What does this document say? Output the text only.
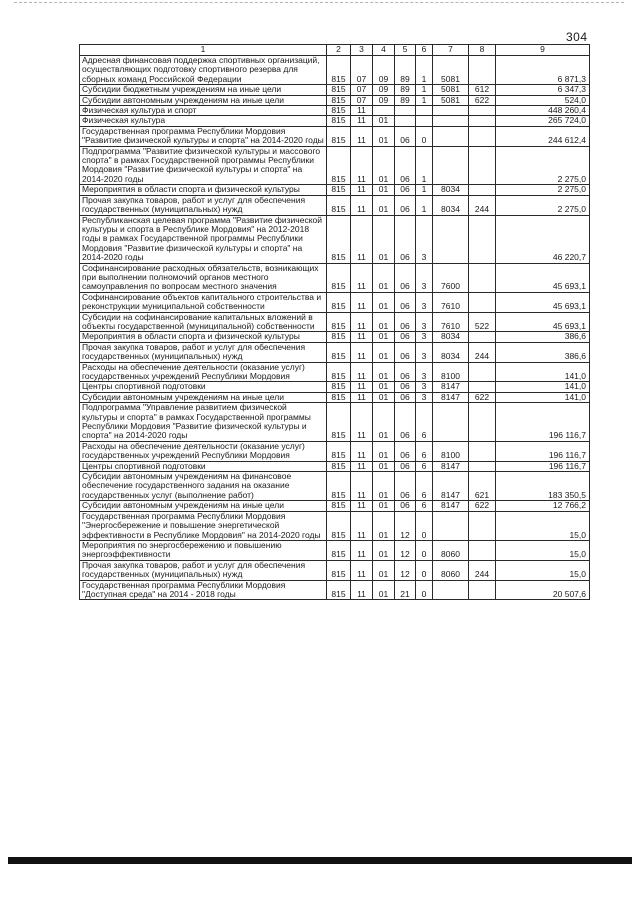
304
1	2	3	4	5	6	7	8	9
Адресная финансовая поддержка спортивных организаций, осуществляющих подготовку спортивного резерва для сборных команд Российской Федерации	815	07	09	89	1	5081		6 871,3
Субсидии бюджетным учреждениям на иные цели	815	07	09	89	1	5081	612	6 347,3
Субсидии автономным учреждениям на иные цели	815	07	09	89	1	5081	622	524,0
Физическая культура и спорт	815	11						448 260,4
Физическая культура	815	11	01					265 724,0
Государственная программа Республики Мордовия "Развитие физической культуры и спорта" на 2014-2020 годы	815	11	01	06	0			244 612,4
Подпрограмма "Развитие физической культуры и массового спорта" в рамках Государственной программы Республики Мордовия "Развитие физической культуры и спорта" на 2014-2020 годы	815	11	01	06	1			2 275,0
Мероприятия в области спорта и физической культуры	815	11	01	06	1	8034		2 275,0
Прочая закупка товаров, работ и услуг для обеспечения государственных (муниципальных) нужд	815	11	01	06	1	8034	244	2 275,0
Республиканская целевая программа "Развитие физической культуры и спорта в Республике Мордовия" на 2012-2018 годы в рамках Государственной программы Республики Мордовия "Развитие физической культуры и спорта" на 2014-2020 годы	815	11	01	06	3			46 220,7
Софинансирование расходных обязательств, возникающих при выполнении полномочий органов местного самоуправления по вопросам местного значения	815	11	01	06	3	7600		45 693,1
Софинансирование объектов капитального строительства и реконструкции муниципальной собственности	815	11	01	06	3	7610		45 693,1
Субсидии на софинансирование капитальных вложений в объекты государственной (муниципальной) собственности	815	11	01	06	3	7610	522	45 693,1
Мероприятия в области спорта и физической культуры	815	11	01	06	3	8034		386,6
Прочая закупка товаров, работ и услуг для обеспечения государственных (муниципальных) нужд	815	11	01	06	3	8034	244	386,6
Расходы на обеспечение деятельности (оказание услуг) государственных учреждений Республики Мордовия	815	11	01	06	3	8100		141,0
Центры спортивной подготовки	815	11	01	06	3	8147		141,0
Субсидии автономным учреждениям на иные цели	815	11	01	06	3	8147	622	141,0
Подпрограмма "Управление развитием физической культуры и спорта" в рамках Государственной программы Республики Мордовия "Развитие физической культуры и спорта" на 2014-2020 годы	815	11	01	06	6			196 116,7
Расходы на обеспечение деятельности (оказание услуг) государственных учреждений Республики Мордовия	815	11	01	06	6	8100		196 116,7
Центры спортивной подготовки	815	11	01	06	6	8147		196 116,7
Субсидии автономным учреждениям на финансовое обеспечение государственного задания на оказание государственных услуг (выполнение работ)	815	11	01	06	6	8147	621	183 350,5
Субсидии автономным учреждениям на иные цели	815	11	01	06	6	8147	622	12 766,2
Государственная программа Республики Мордовия "Энергосбережение и повышение энергетической эффективности в Республике Мордовия" на 2014-2020 годы	815	11	01	12	0			15,0
Мероприятия по энергосбережению и повышению энергоэффективности	815	11	01	12	0	8060		15,0
Прочая закупка товаров, работ и услуг для обеспечения государственных (муниципальных) нужд	815	11	01	12	0	8060	244	15,0
Государственная программа Республики Мордовия "Доступная среда" на 2014 - 2018 годы	815	11	01	21	0			20 507,6
